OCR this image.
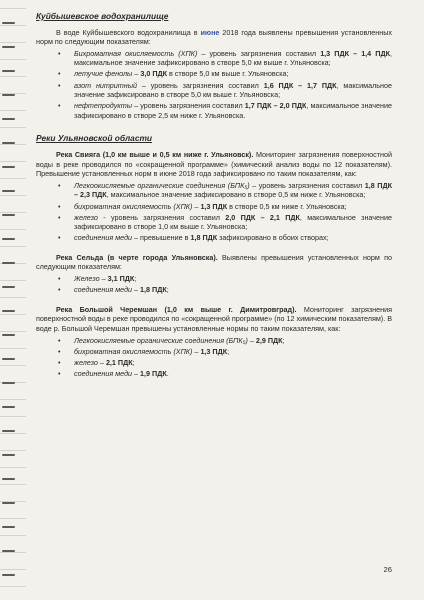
Куйбышевское водохранилище

В воде Куйбышевского водохранилища в июне 2018 года выявлены превышения установленных норм по следующим показателям:

• Бихроматная окисляемость (ХПК) – уровень загрязнения составил 1,3 ПДК – 1,4 ПДК, максимальное значение зафиксировано в створе 5,0 км выше г. Ульяновска;
• летучие фенолы – 3,0 ПДК в створе 5,0 км выше г. Ульяновска;
• азот нитритный – уровень загрязнения составил 1,6 ПДК – 1,7 ПДК, максимальное значение зафиксировано в створе 5,0 км выше г. Ульяновска;
• нефтепродукты – уровень загрязнения составил 1,7 ПДК – 2,0 ПДК, максимальное значение зафиксировано в створе 2,5 км ниже г. Ульяновска.
Реки Ульяновской области

Река Свияга (1,0 км выше и 0,5 км ниже г. Ульяновск). Мониторинг загрязнения поверхностной воды в реке проводился по «сокращенной программе» (химический анализ воды по 12 показателям). Превышение установленных норм в июне 2018 года зафиксировано по таким показателям, как:

• Легкоокисляемые органические соединения (БПК₅) – уровень загрязнения составил 1,8 ПДК – 2,3 ПДК, максимальное значение зафиксировано в створе 0,5 км ниже г. Ульяновска;
• бихроматная окисляемость (ХПК) – 1,3 ПДК в створе 0,5 км ниже г. Ульяновска;
• железо - уровень загрязнения составил 2,0 ПДК – 2,1 ПДК, максимальное значение зафиксировано в створе 1,0 км выше г. Ульяновска;
• соединения меди – превышение в 1,8 ПДК зафиксировано в обоих створах;

Река Сельда (в черте города Ульяновска). Выявлены превышения установленных норм по следующим показателям:

• Железо – 3,1 ПДК;
• соединения меди – 1,8 ПДК;

Река Большой Черемшан (1,0 км выше г. Димитровград). Мониторинг загрязнения поверхностной воды в реке проводился по «сокращенной программе» (по 12 химическим показателям). В воде р. Большой Черемшан превышены установленные нормы по таким показателям, как:

• Легкоокисляемые органические соединения (БПК₅) – 2,9 ПДК;
• бихроматная окисляемость (ХПК) – 1,3 ПДК;
• железо – 2,1 ПДК;
• соединения меди – 1,9 ПДК.
26
